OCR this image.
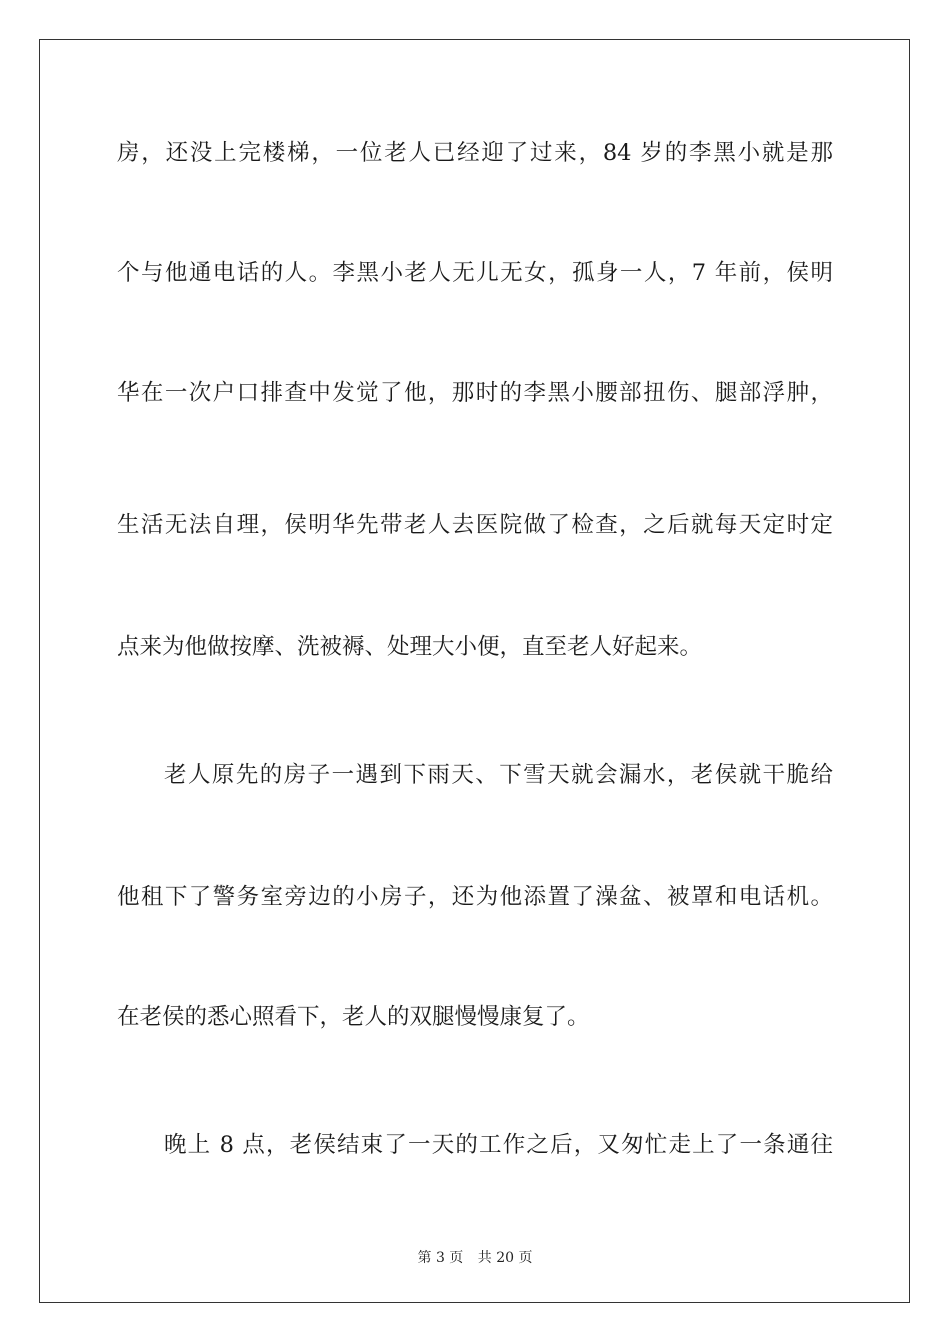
房，还没上完楼梯，一位老人已经迎了过来，84 岁的李黑小就是那
个与他通电话的人。李黑小老人无儿无女，孤身一人，7 年前，侯明
华在一次户口排查中发觉了他，那时的李黑小腰部扭伤、腿部浮肿，
生活无法自理，侯明华先带老人去医院做了检查，之后就每天定时定
点来为他做按摩、洗被褥、处理大小便，直至老人好起来。
老人原先的房子一遇到下雨天、下雪天就会漏水，老侯就干脆给
他租下了警务室旁边的小房子，还为他添置了澡盆、被罩和电话机。
在老侯的悉心照看下，老人的双腿慢慢康复了。
晚上 8 点，老侯结束了一天的工作之后，又匆忙走上了一条通往
第 3 页 共 20 页
